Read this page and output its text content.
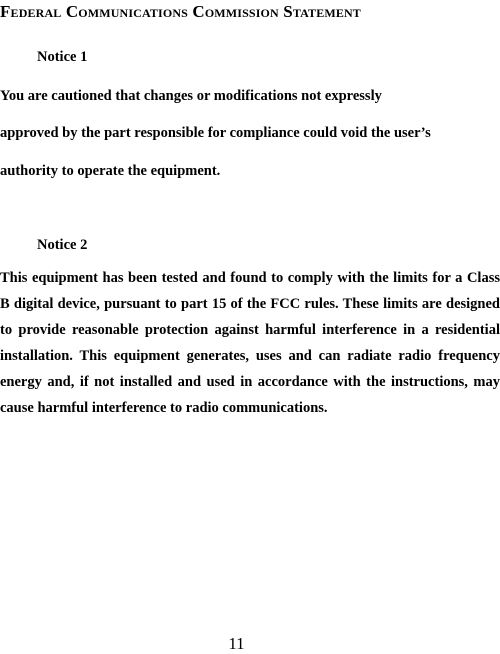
Federal Communications Commission Statement
Notice 1

You are cautioned that changes or modifications not expressly

approved by the part responsible for compliance could void the user’s

authority to operate the equipment.

Notice 2

This equipment has been tested and found to comply with the limits for a Class B digital device, pursuant to part 15 of the FCC rules. These limits are designed to provide reasonable protection against harmful interference in a residential installation. This equipment generates, uses and can radiate radio frequency energy and, if not installed and used in accordance with the instructions, may cause harmful interference to radio communications.

11
